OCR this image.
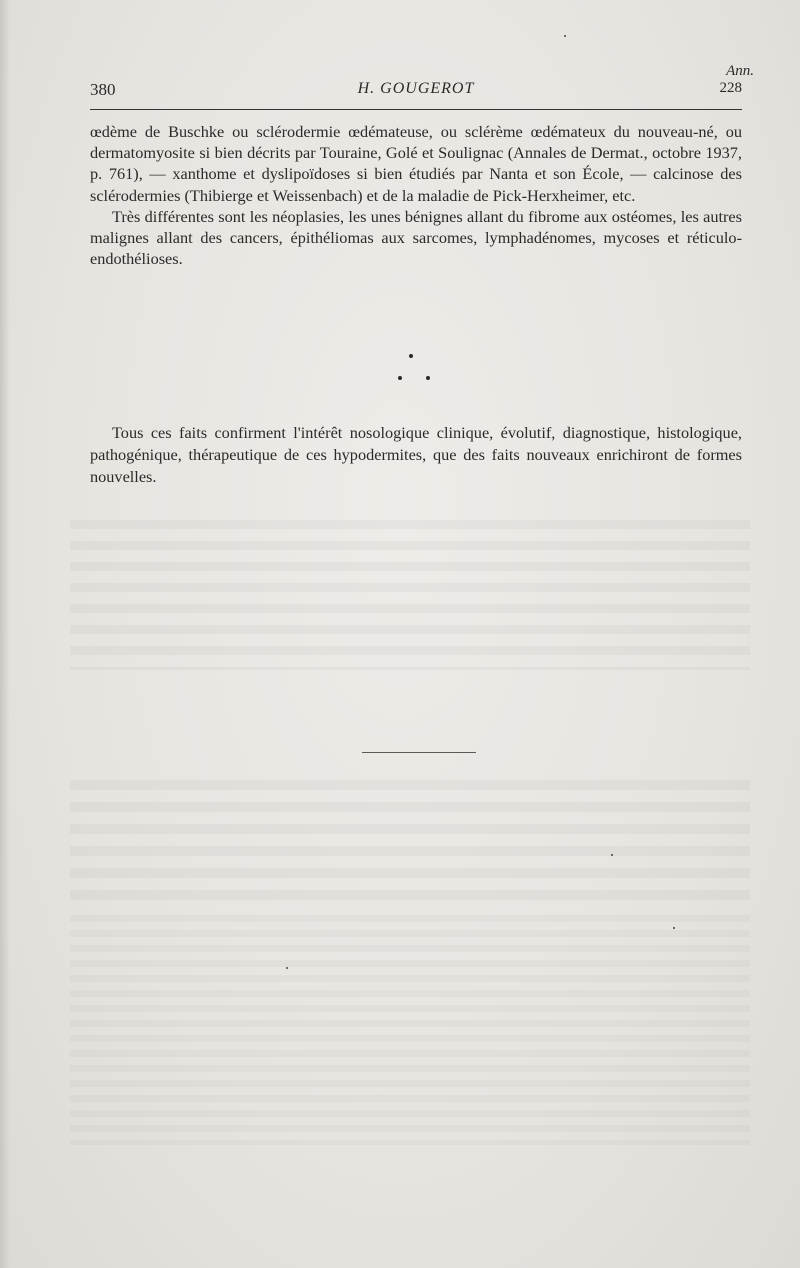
Ann.
380	H. GOUGEROT	228

œdème de Buschke ou sclérodermie œdémateuse, ou sclérème œdémateux du nouveau-né, ou dermatomyosite si bien décrits par Touraine, Golé et Soulignac (Annales de Dermat., octobre 1937, p. 761), — xanthome et dyslipoïdoses si bien étudiés par Nanta et son École, — calcinose des sclérodermies (Thibierge et Weissenbach) et de la maladie de Pick-Herxheimer, etc.

Très différentes sont les néoplasies, les unes bénignes allant du fibrome aux ostéomes, les autres malignes allant des cancers, épithéliomas aux sarcomes, lymphadénomes, mycoses et réticulo-endothélioses.

Tous ces faits confirment l'intérêt nosologique clinique, évolutif, diagnostique, histologique, pathogénique, thérapeutique de ces hypodermites, que des faits nouveaux enrichiront de formes nouvelles.
